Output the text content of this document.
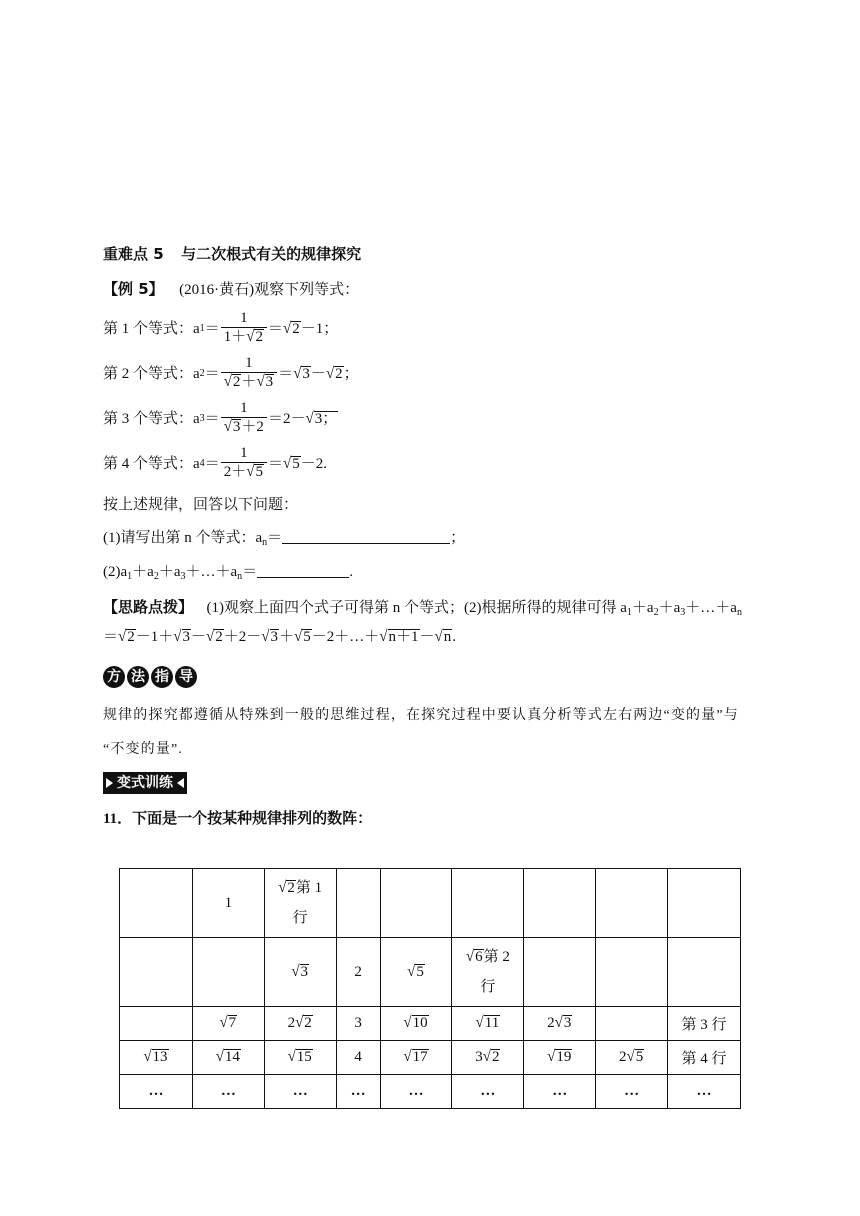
重难点 5 与二次根式有关的规律探究
【例 5】 (2016·黄石)观察下列等式：
第 1 个等式：a $1 = \frac{1}{1+√2} = √2 -1$；
第 2 个等式：a $2 = \frac{1}{√2+√3} = √3 - √2$ ；
第 3 个等式：a $3 = \frac{1}{√3+2} =2- √3$；
第 4 个等式：a $4 = \frac{1}{2+√5} = √5 -2$.
按上述规律，回答以下问题：
(1)请写出第 n 个等式：$a_n=$	；
$(2)a_1+a_2+a_3+\dots+a_n=$	.
【思路点拨】 (1)观察上面四个式子可得第 n 个等式；(2)根据所得的规律可得 $a_1+a_2+a_3+\dots+a_n$
＝√2－1＋√3－√2＋2－√3＋√5－2＋…＋√n＋1－√n.
方 法 指 导
规律的探究都遵循从特殊到一般的思维过程，在探究过程中要认真分析等式左右两边“变的量”与
“不变的量”.
变式训练
11．下面是一个按某种规律排列的数阵：
	1	√2第 1
行						
		√3	2	√5	√6第 2
行			
	√7	2√2	3	√10	√11	2√3		第 3 行
√13	√14	√15	4	√17	3√2	√19	2√5	第 4 行
…	…	…	…	…	…	…	…	…
